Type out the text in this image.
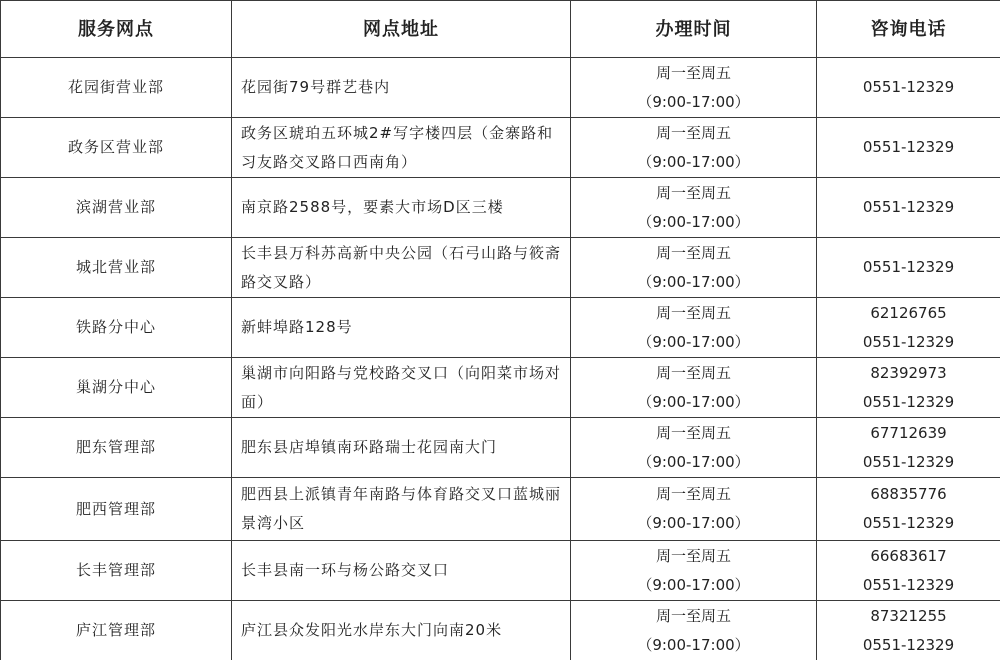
服务网点	网点地址	办理时间	咨询电话
花园街营业部	花园街79号群艺巷内	周一至周五
（9:00-17:00）	0551-12329

政务区营业部	政务区琥珀五环城2#写字楼四层（金寨路和习友路交叉路口西南角）	周一至周五
（9:00-17:00）	0551-12329

滨湖营业部	南京路2588号，要素大市场D区三楼	周一至周五
（9:00-17:00）	0551-12329

城北营业部	长丰县万科苏高新中央公园（石弓山路与筱斋路交叉路）	周一至周五
（9:00-17:00）	0551-12329

铁路分中心	新蚌埠路128号	周一至周五
（9:00-17:00）	62126765
0551-12329

巢湖分中心	巢湖市向阳路与党校路交叉口（向阳菜市场对面）	周一至周五
（9:00-17:00）	82392973
0551-12329

肥东管理部	肥东县店埠镇南环路瑞士花园南大门	周一至周五
（9:00-17:00）	67712639
0551-12329

肥西管理部	肥西县上派镇青年南路与体育路交叉口蓝城丽景湾小区	周一至周五
（9:00-17:00）	68835776
0551-12329

长丰管理部	长丰县南一环与杨公路交叉口	周一至周五
（9:00-17:00）	66683617
0551-12329

庐江管理部	庐江县众发阳光水岸东大门向南20米	周一至周五
（9:00-17:00）	87321255
0551-12329
